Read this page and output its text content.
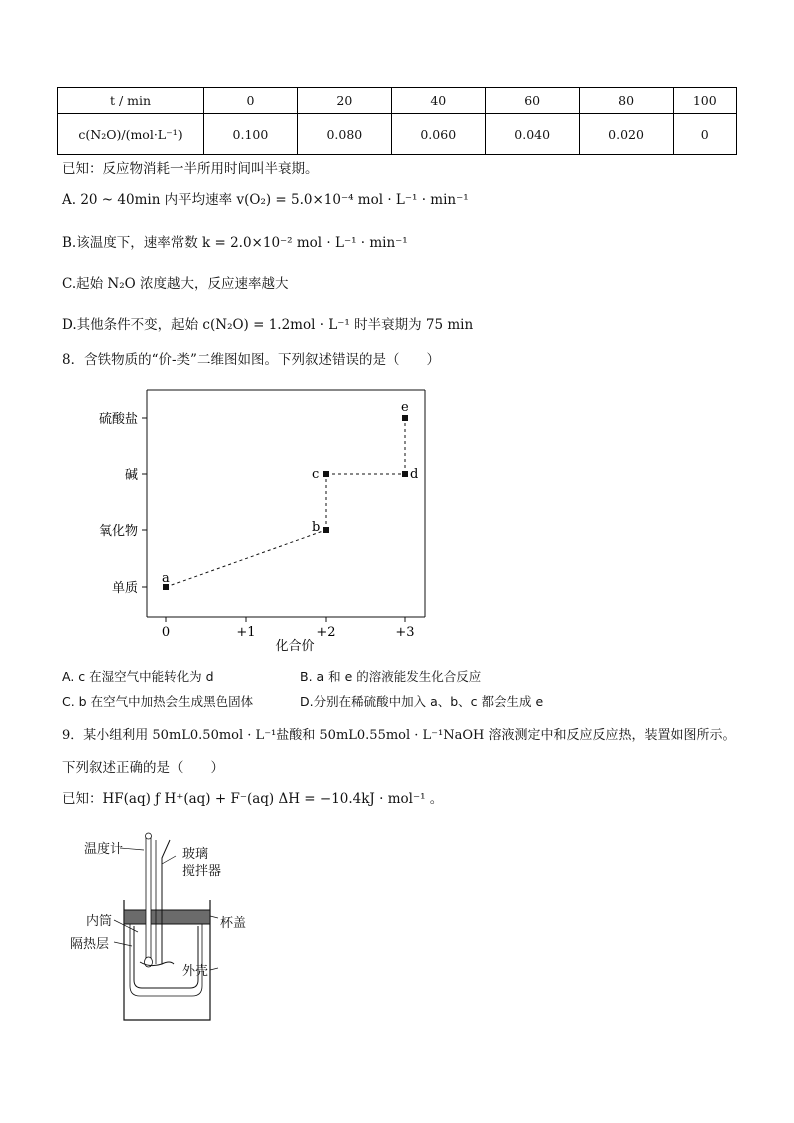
t / min	0	20	40	60	80	100
c(N₂O)/(mol·L⁻¹)	0.100	0.080	0.060	0.040	0.020	0
已知：反应物消耗一半所用时间叫半衰期。
A. 20 ~ 40min 内平均速率 v(O₂) = 5.0×10⁻⁴ mol · L⁻¹ · min⁻¹
B.该温度下，速率常数 k = 2.0×10⁻² mol · L⁻¹ · min⁻¹
C.起始 N₂O 浓度越大，反应速率越大
D.其他条件不变，起始 c(N₂O) = 1.2mol · L⁻¹ 时半衰期为 75 min
8．含铁物质的“价-类”二维图如图。下列叙述错误的是（　　）
硫酸盐
碱
氧化物
单质
0	+1	+2	+3
化合价
a
b
c	d
e
A. c 在湿空气中能转化为 d	B. a 和 e 的溶液能发生化合反应
C. b 在空气中加热会生成黑色固体	D.分别在稀硫酸中加入 a、b、c 都会生成 e
9．某小组利用 50mL0.50mol · L⁻¹盐酸和 50mL0.55mol · L⁻¹NaOH 溶液测定中和反应反应热，装置如图所示。
下列叙述正确的是（　　）
已知：HF(aq) ƒ H⁺(aq) + F⁻(aq) ΔH = −10.4kJ · mol⁻¹ 。
温度计	玻璃
搅拌器
内筒	杯盖
隔热层
外壳
